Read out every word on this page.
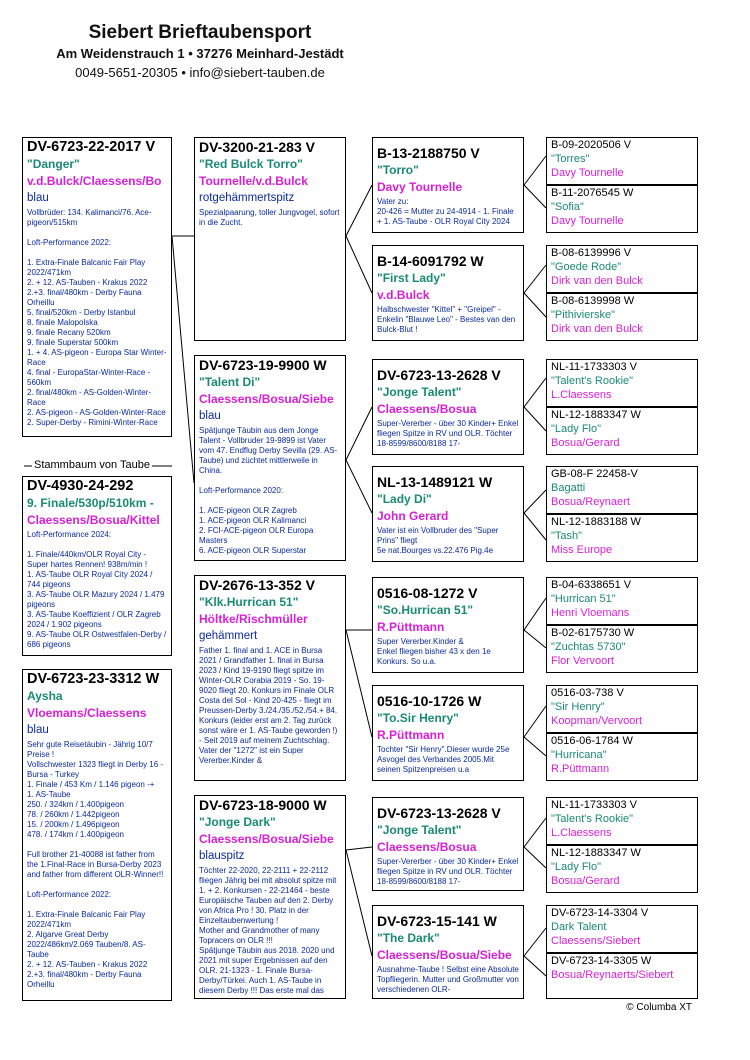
Siebert Brieftaubensport
Am Weidenstrauch 1 • 37276 Meinhard-Jestädt
0049-5651-20305 • info@siebert-tauben.de
DV-6723-22-2017 V
"Danger"
v.d.Bulck/Claessens/Bo
blau
Vollbrüder: 134. Kalimanci/76. Ace-pigeon/515km

Loft-Performance 2022:

1. Extra-Finale Balcanic Fair Play 2022/471km
2. + 12. AS-Tauben - Krakus 2022
2.+3. final/480km - Derby Fauna Orheillu
5. final/520km - Derby Istanbul
8. finale Malopolska
9. finale Recany 520km
9. finale Superstar 500km
1. + 4. AS-pigeon - Europa Star Winter-Race
4. final - EuropaStar-Winter-Race - 560km
2. final/480km - AS-Golden-Winter-Race
2. AS-pigeon - AS-Golden-Winter-Race
2. Super-Derby - Rimini-Winter-Race
Stammbaum von Taube
DV-4930-24-292
9. Finale/530p/510km -
Claessens/Bosua/Kittel
Loft-Performance 2024:

1. Finale/440km/OLR Royal City - Super hartes Rennen! 938m/min !
1. AS-Taube OLR Royal City 2024 / 744 pigeons
3. AS-Taube OLR Mazury 2024 / 1.479 pigeons
3. AS-Taube Koeffizient / OLR Zagreb 2024 / 1.902 pigeons
9. AS-Taube OLR Ostwestfalen-Derby / 686 pigeons
DV-6723-23-3312 W
Aysha
Vloemans/Claessens
blau
Sehr gute Reisetäubin - Jährig 10/7 Preise !
Vollschwester 1323 fliegt in Derby 16 - Bursa - Turkey
1. Finale / 453 Km / 1.146 pigeon -+
1. AS-Taube
250. / 324km / 1.400pigeon
78. / 260km / 1.442pigeon
15. / 200km / 1.496pigeon
478. / 174km / 1.400pigeon

Full brother 21-40088 ist father from the 1.Final-Race in Bursa-Derby 2023 and father from different OLR-Winner!!

Loft-Performance 2022:

1. Extra-Finale Balcanic Fair Play 2022/471km
2. Algarve Great Derby 2022/486km/2.069 Tauben/8. AS-Taube
2. + 12. AS-Tauben - Krakus 2022
2.+3. final/480km - Derby Fauna Orheillu
DV-3200-21-283 V
"Red Bulck Torro"
Tournelle/v.d.Bulck
rotgehämmertspitz
Spezialpaarung, toller Jungvogel, sofort in die Zucht.
DV-6723-19-9900 W
"Talent Di"
Claessens/Bosua/Siebe
blau
Spätjunge Täubin aus dem Jonge Talent - Vollbruder 19-9899 ist Vater vom 47. Endflug Derby Sevilla (29. AS-Taube) und züchtet mittlerweile in China.

Loft-Performance 2020:

1. ACE-pigeon OLR Zagreb
1. ACE-pigeon OLR Kalimanci
2. FCI-ACE-pigeon OLR Europa Masters
6. ACE-pigeon OLR Superstar
DV-2676-13-352 V
"Klk.Hurrican 51"
Höltke/Rischmüller
gehämmert
Father 1. final and 1. ACE in Bursa 2021 / Grandfather 1. final in Bursa 2023 / Kind 19-9190 fliegt spitze im Winter-OLR Corabia 2019 - So. 19-9020 fliegt 20. Konkurs im Finale OLR Costa del Sol - Kind 20-425 - fliegt im Preussen-Derby 3./24./35./52./54.+ 84. Konkurs (leider erst am 2. Tag zurück sonst wäre er 1. AS-Taube geworden !) - Seit 2019 auf meinem Zuchtschlag. Vater der "1272" ist ein Super Vererber.Kinder &
DV-6723-18-9000 W
"Jonge Dark"
Claessens/Bosua/Siebe
blauspitz
Töchter 22-2020, 22-2111 + 22-2112 fliegen Jährig bei mit absolut spitze mit 1. + 2. Konkursen - 22-21464 - beste Europäische Tauben auf den 2. Derby von Africa Pro ! 30. Platz in der Einzeltaubenwertung !
Mother and Grandmother of many Topracers on OLR !!!
Spätjunge Täubin aus 2018. 2020 und 2021 mit super Ergebnissen auf den OLR. 21-1323 - 1. Finale Bursa-Derby/Türkei. Auch 1. AS-Taube in diesem Derby !!! Das erste mal das
B-13-2188750 V
"Torro"
Davy Tournelle
Vater zu:
20-426 = Mutter zu 24-4914 - 1. Finale + 1. AS-Taube - OLR Royal City 2024
B-14-6091792 W
"First Lady"
v.d.Bulck
Halbschwester "Kittel" + "Greipel" - Enkelin "Blauwe Leo" - Bestes van den Bulck-Blut !
DV-6723-13-2628 V
"Jonge Talent"
Claessens/Bosua
Super-Vererber - über 30 Kinder+ Enkel fliegen Spitze in RV und OLR. Töchter 18-8599/8600/8188 17-
NL-13-1489121 W
"Lady Di"
John Gerard
Vater ist ein Vollbruder des "Super Prins" fliegt
5e nat.Bourges vs.22.476 Pig.4e
0516-08-1272 V
"So.Hurrican 51"
R.Püttmann
Super Vererber.Kinder &
Enkel fliegen bisher 43 x den 1e Konkurs. So u.a.
0516-10-1726 W
"To.Sir Henry"
R.Püttmann
Tochter "Sir Henry".Dieser wurde 25e Asvogel des Verbandes 2005.Mit seinen Spitzenpreisen u.a
DV-6723-13-2628 V
"Jonge Talent"
Claessens/Bosua
Super-Vererber - über 30 Kinder+ Enkel fliegen Spitze in RV und OLR. Töchter 18-8599/8600/8188 17-
DV-6723-15-141 W
"The Dark"
Claessens/Bosua/Siebe
Ausnahme-Taube ! Selbst eine Absolute Topfliegerin. Mutter und Großmutter von verschiedenen OLR-
B-09-2020506 V
"Torres"
Davy Tournelle
B-11-2076545 W
"Sofia"
Davy Tournelle
B-08-6139996 V
"Goede Rode"
Dirk van den Bulck
B-08-6139998 W
"Pithivierske"
Dirk van den Bulck
NL-11-1733303 V
"Talent's Rookie"
L.Claessens
NL-12-1883347 W
"Lady Flo"
Bosua/Gerard
GB-08-F 22458-V
Bagatti
Bosua/Reynaert
NL-12-1883188 W
"Tash"
Miss Europe
B-04-6338651 V
"Hurrican 51"
Henri Vloemans
B-02-6175730 W
"Zuchtas 5730"
Flor Vervoort
0516-03-738 V
"Sir Henry"
Koopman/Vervoort
0516-06-1784 W
"Hurricana"
R.Püttmann
NL-11-1733303 V
"Talent's Rookie"
L.Claessens
NL-12-1883347 W
"Lady Flo"
Bosua/Gerard
DV-6723-14-3304 V
Dark Talent
Claessens/Siebert
DV-6723-14-3305 W
Bosua/Reynaerts/Siebert
© Columba XT
